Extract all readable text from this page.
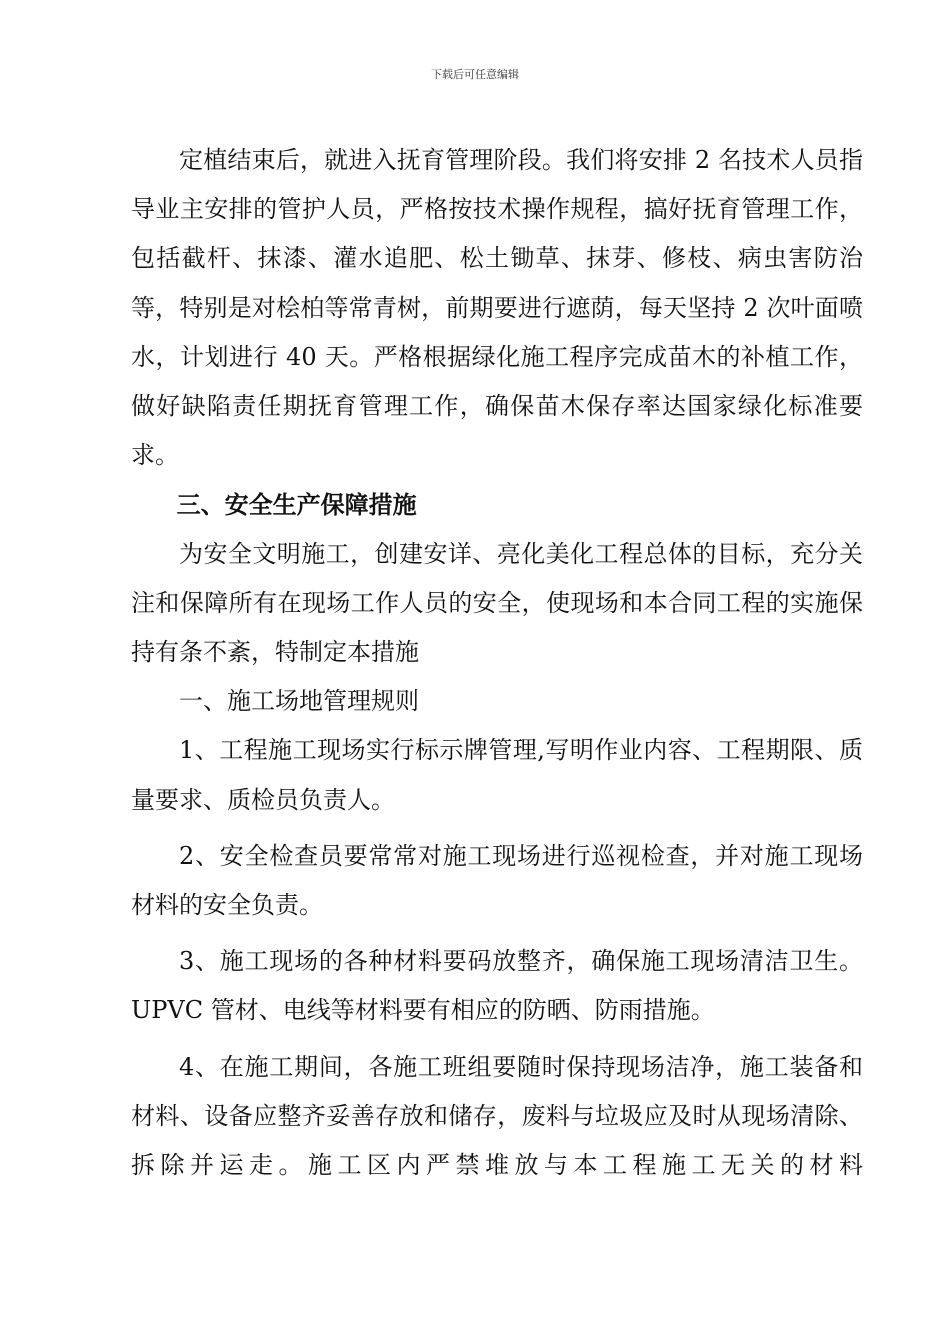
下载后可任意编辑

定植结束后，就进入抚育管理阶段。我们将安排 2 名技术人员指导业主安排的管护人员，严格按技术操作规程，搞好抚育管理工作，包括截杆、抹漆、灌水追肥、松土锄草、抹芽、修枝、病虫害防治等，特别是对桧柏等常青树，前期要进行遮荫，每天坚持 2 次叶面喷水，计划进行 40 天。严格根据绿化施工程序完成苗木的补植工作，做好缺陷责任期抚育管理工作，确保苗木保存率达国家绿化标准要求。

三、安全生产保障措施

为安全文明施工，创建安详、亮化美化工程总体的目标，充分关注和保障所有在现场工作人员的安全，使现场和本合同工程的实施保持有条不紊，特制定本措施

一、施工场地管理规则

1、工程施工现场实行标示牌管理,写明作业内容、工程期限、质量要求、质检员负责人。

2、安全检查员要常常对施工现场进行巡视检查，并对施工现场材料的安全负责。

3、施工现场的各种材料要码放整齐，确保施工现场清洁卫生。UPVC 管材、电线等材料要有相应的防晒、防雨措施。

4、在施工期间，各施工班组要随时保持现场洁净，施工装备和材料、设备应整齐妥善存放和储存，废料与垃圾应及时从现场清除、拆除并运走。施工区内严禁堆放与本工程施工无关的材料
